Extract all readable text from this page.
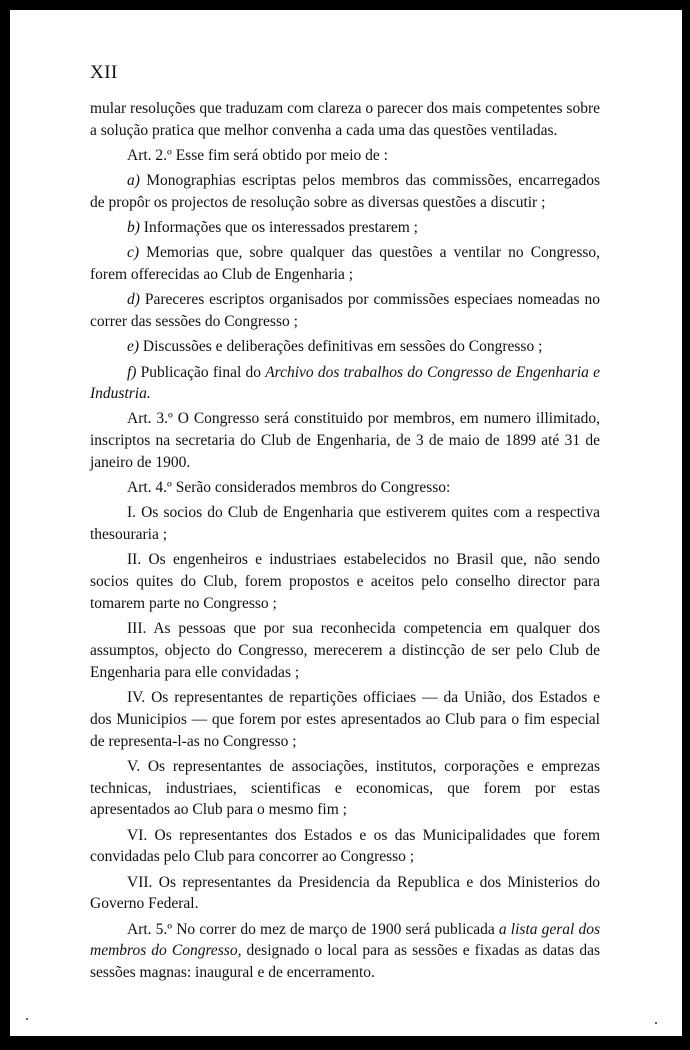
XII

mular resoluções que traduzam com clareza o parecer dos mais competentes sobre a solução pratica que melhor convenha a cada uma das questões ventiladas.

Art. 2.º Esse fim será obtido por meio de :

a) Monographias escriptas pelos membros das commissões, encarregados de propôr os projectos de resolução sobre as diversas questões a discutir ;

b) Informações que os interessados prestarem ;

c) Memorias que, sobre qualquer das questões a ventilar no Congresso, forem offerecidas ao Club de Engenharia ;

d) Pareceres escriptos organisados por commissões especiaes nomeadas no correr das sessões do Congresso ;

e) Discussões e deliberações definitivas em sessões do Congresso ;

f) Publicação final do Archivo dos trabalhos do Congresso de Engenharia e Industria.

Art. 3.º O Congresso será constituido por membros, em numero illimitado, inscriptos na secretaria do Club de Engenharia, de 3 de maio de 1899 até 31 de janeiro de 1900.

Art. 4.º Serão considerados membros do Congresso:

I. Os socios do Club de Engenharia que estiverem quites com a respectiva thesouraria ;

II. Os engenheiros e industriaes estabelecidos no Brasil que, não sendo socios quites do Club, forem propostos e aceitos pelo conselho director para tomarem parte no Congresso ;

III. As pessoas que por sua reconhecida competencia em qualquer dos assumptos, objecto do Congresso, merecerem a distincção de ser pelo Club de Engenharia para elle convidadas ;

IV. Os representantes de repartições officiaes — da União, dos Estados e dos Municipios — que forem por estes apresentados ao Club para o fim especial de representa-l-as no Congresso ;

V. Os representantes de associações, institutos, corporações e emprezas technicas, industriaes, scientificas e economicas, que forem por estas apresentados ao Club para o mesmo fim ;

VI. Os representantes dos Estados e os das Municipalidades que forem convidadas pelo Club para concorrer ao Congresso ;

VII. Os representantes da Presidencia da Republica e dos Ministerios do Governo Federal.

Art. 5.º No correr do mez de março de 1900 será publicada a lista geral dos membros do Congresso, designado o local para as sessões e fixadas as datas das sessões magnas: inaugural e de encerramento.
